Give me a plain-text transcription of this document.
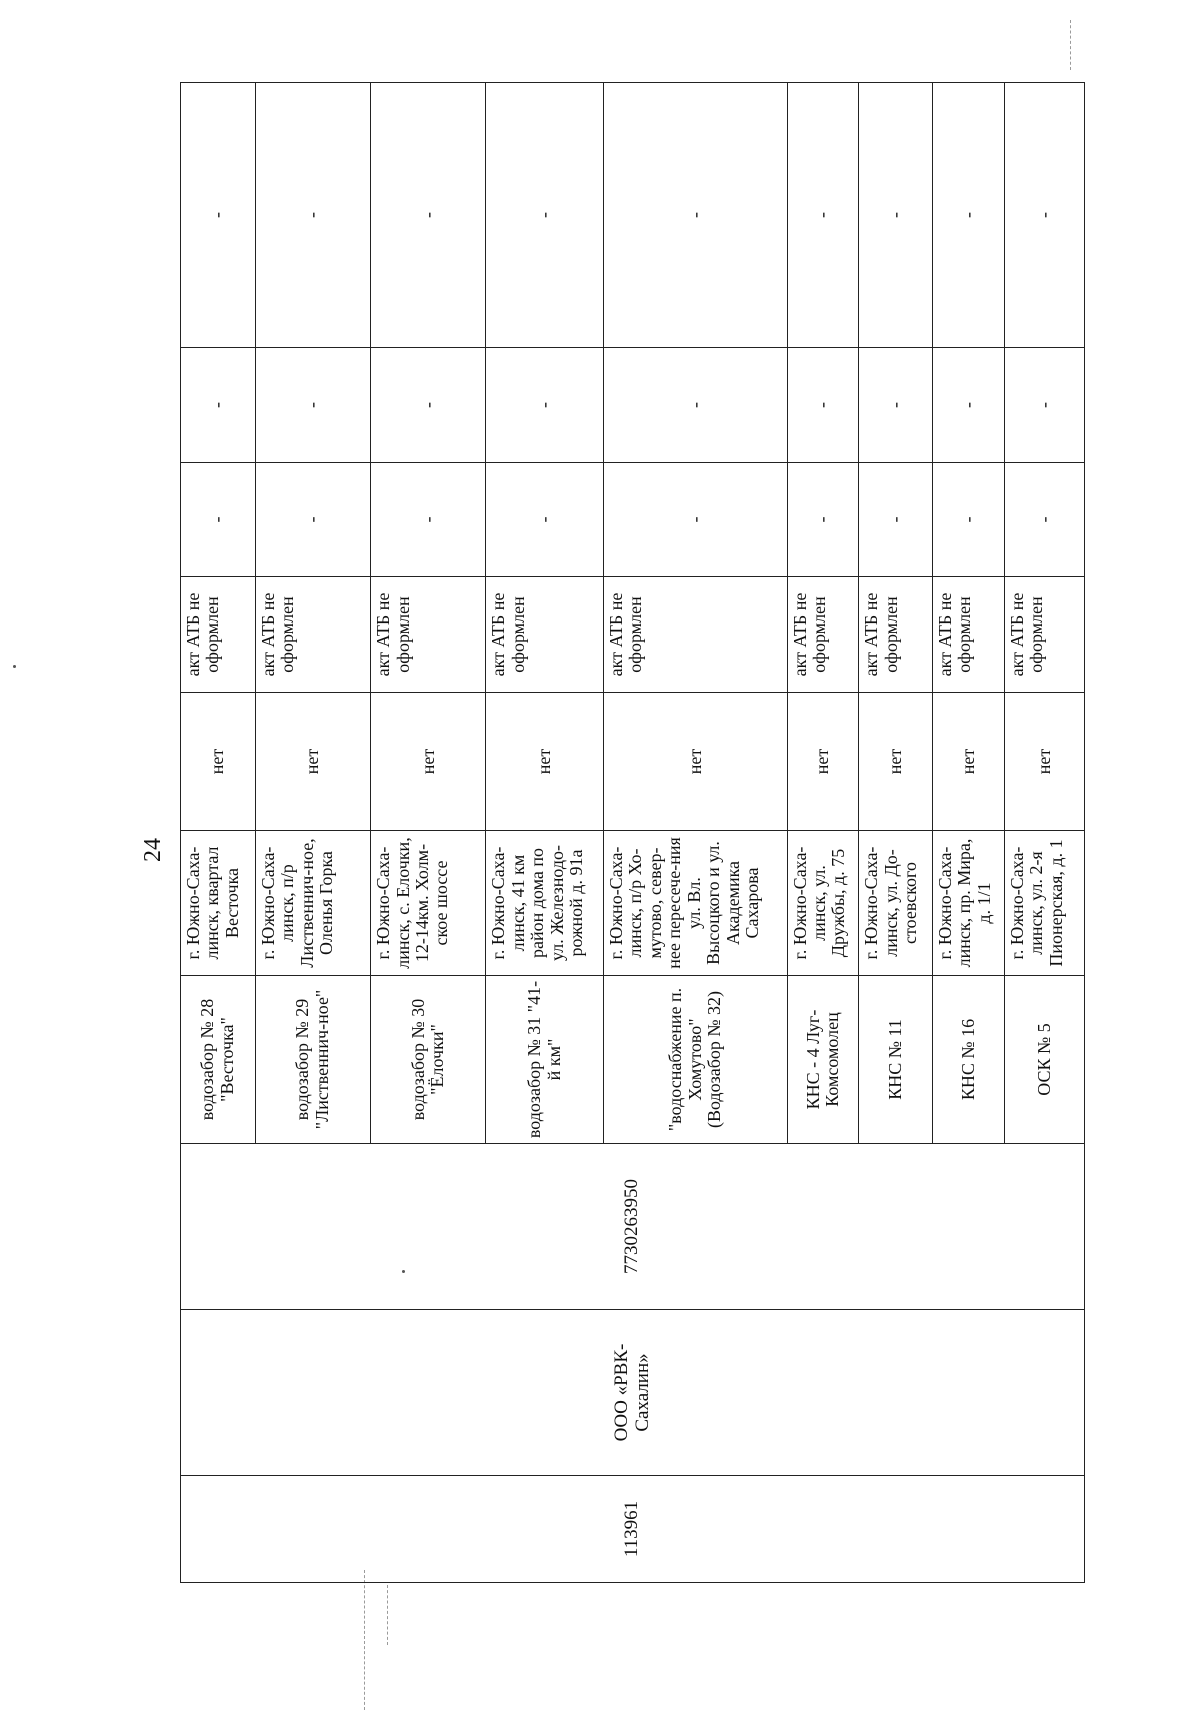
24
113961	ООО «РВК-Сахалин»	7730263950	водозабор № 28 "Весточка"	г. Южно-Саха-линск, квартал Весточка	нет	акт АТБ не оформлен	-	-	-	
			водозабор № 29 "Лиственнич-ное"	г. Южно-Саха-линск, п/р Лиственнич-ное, Оленья Горка	нет	акт АТБ не оформлен	-	-	-	
			водозабор № 30 "Ёлочки"	г. Южно-Саха-линск, с. Елочки, 12-14км. Холм-ское шоссе	нет	акт АТБ не оформлен	-	-	-	
			водозабор № 31 "41-й км"	г. Южно-Саха-линск, 41 км район дома по ул. Железнодо-рожной д. 91а	нет	акт АТБ не оформлен	-	-	-	
			"водоснабжение п. Хомутово" (Водозабор № 32)	г. Южно-Саха-линск, п/р Хо-мутово, север-нее пересече-ния ул. Вл. Высоцкого и ул. Академика Сахарова	нет	акт АТБ не оформлен	-	-	-	
			КНС - 4 Луг-Комсомолец	г. Южно-Саха-линск, ул. Дружбы, д. 75	нет	акт АТБ не оформлен	-	-	-	
			КНС № 11	г. Южно-Саха-линск, ул. До-стоевского	нет	акт АТБ не оформлен	-	-	-	
			КНС № 16	г. Южно-Саха-линск, пр. Мира, д. 1/1	нет	акт АТБ не оформлен	-	-	-	
			ОСК № 5	г. Южно-Саха-линск, ул. 2-я Пионерская, д. 1	нет	акт АТБ не оформлен	-	-	-	
